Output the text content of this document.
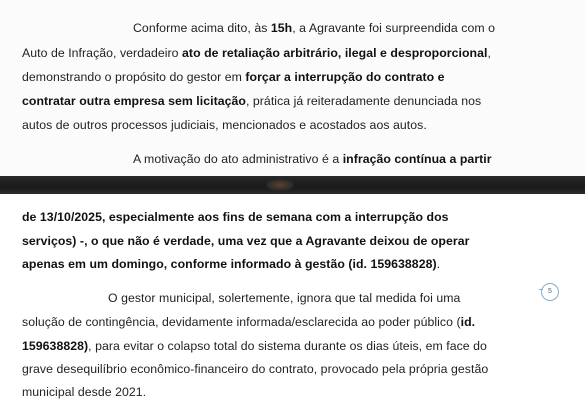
Conforme acima dito, às 15h, a Agravante foi surpreendida com o
Auto de Infração, verdadeiro ato de retaliação arbitrário, ilegal e desproporcional,
demonstrando o propósito do gestor em forçar a interrupção do contrato e
contratar outra empresa sem licitação, prática já reiteradamente denunciada nos
autos de outros processos judiciais, mencionados e acostados aos autos.
A motivação do ato administrativo é a infração contínua a partir
de 13/10/2025, especialmente aos fins de semana com a interrupção dos
serviços) -, o que não é verdade, uma vez que a Agravante deixou de operar
apenas em um domingo, conforme informado à gestão (id. 159638828).
O gestor municipal, solertemente, ignora que tal medida foi uma
solução de contingência, devidamente informada/esclarecida ao poder público (id.
159638828), para evitar o colapso total do sistema durante os dias úteis, em face do
grave desequilíbrio econômico-financeiro do contrato, provocado pela própria gestão
municipal desde 2021.
5
